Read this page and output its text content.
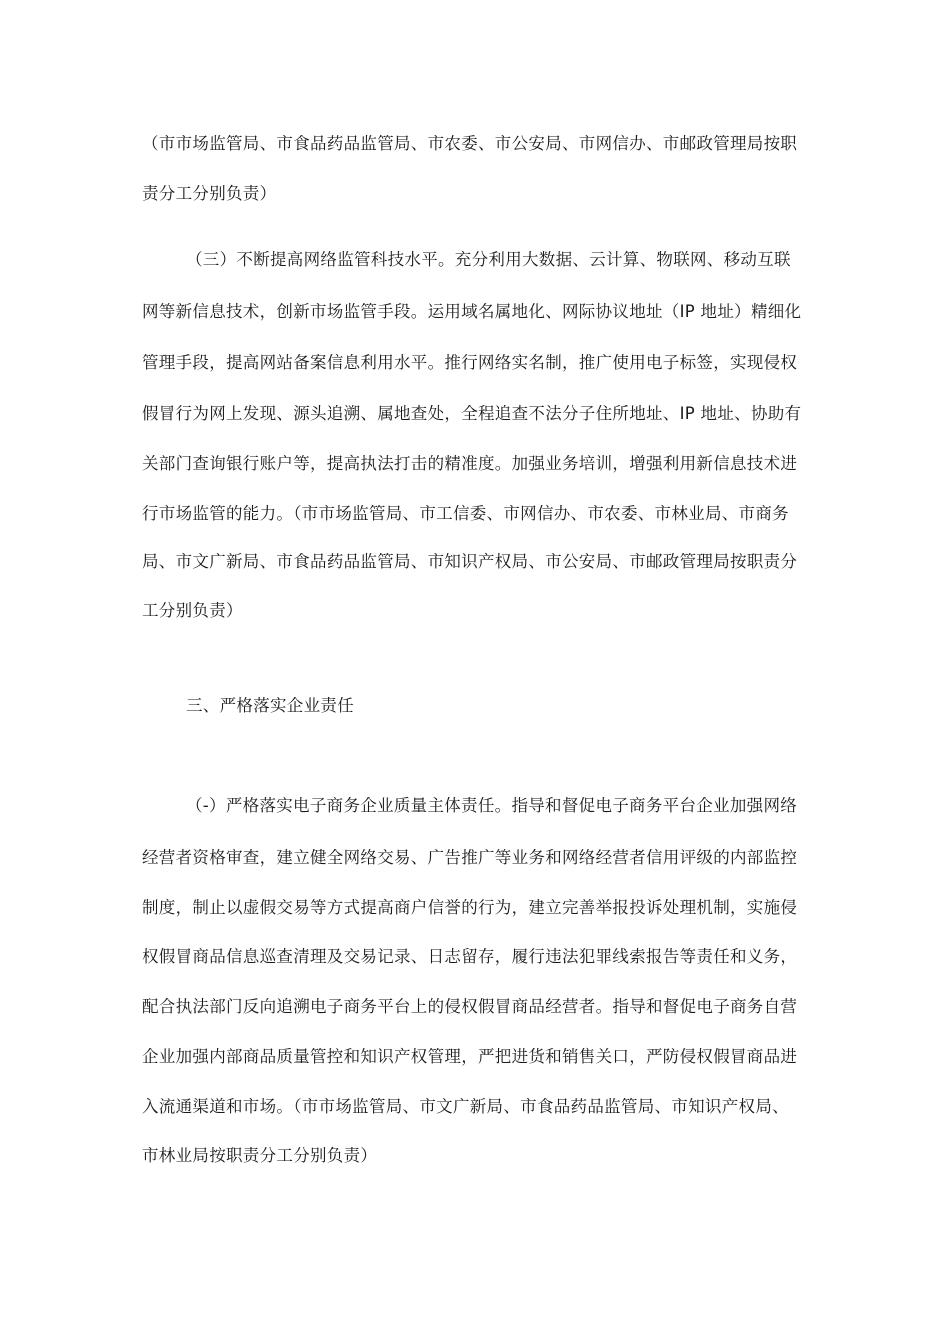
（市市场监管局、市食品药品监管局、市农委、市公安局、市网信办、市邮政管理局按职
责分工分别负责）
（三）不断提高网络监管科技水平。充分利用大数据、云计算、物联网、移动互联
网等新信息技术，创新市场监管手段。运用域名属地化、网际协议地址（IP 地址）精细化
管理手段，提高网站备案信息利用水平。推行网络实名制，推广使用电子标签，实现侵权
假冒行为网上发现、源头追溯、属地查处，全程追查不法分子住所地址、IP 地址、协助有
关部门查询银行账户等，提高执法打击的精准度。加强业务培训，增强利用新信息技术进
行市场监管的能力。（市市场监管局、市工信委、市网信办、市农委、市林业局、市商务
局、市文广新局、市食品药品监管局、市知识产权局、市公安局、市邮政管理局按职责分
工分别负责）
三、严格落实企业责任
（-）严格落实电子商务企业质量主体责任。指导和督促电子商务平台企业加强网络
经营者资格审查，建立健全网络交易、广告推广等业务和网络经营者信用评级的内部监控
制度，制止以虚假交易等方式提高商户信誉的行为，建立完善举报投诉处理机制，实施侵
权假冒商品信息巡查清理及交易记录、日志留存，履行违法犯罪线索报告等责任和义务，
配合执法部门反向追溯电子商务平台上的侵权假冒商品经营者。指导和督促电子商务自营
企业加强内部商品质量管控和知识产权管理，严把进货和销售关口，严防侵权假冒商品进
入流通渠道和市场。（市市场监管局、市文广新局、市食品药品监管局、市知识产权局、
市林业局按职责分工分别负责）
